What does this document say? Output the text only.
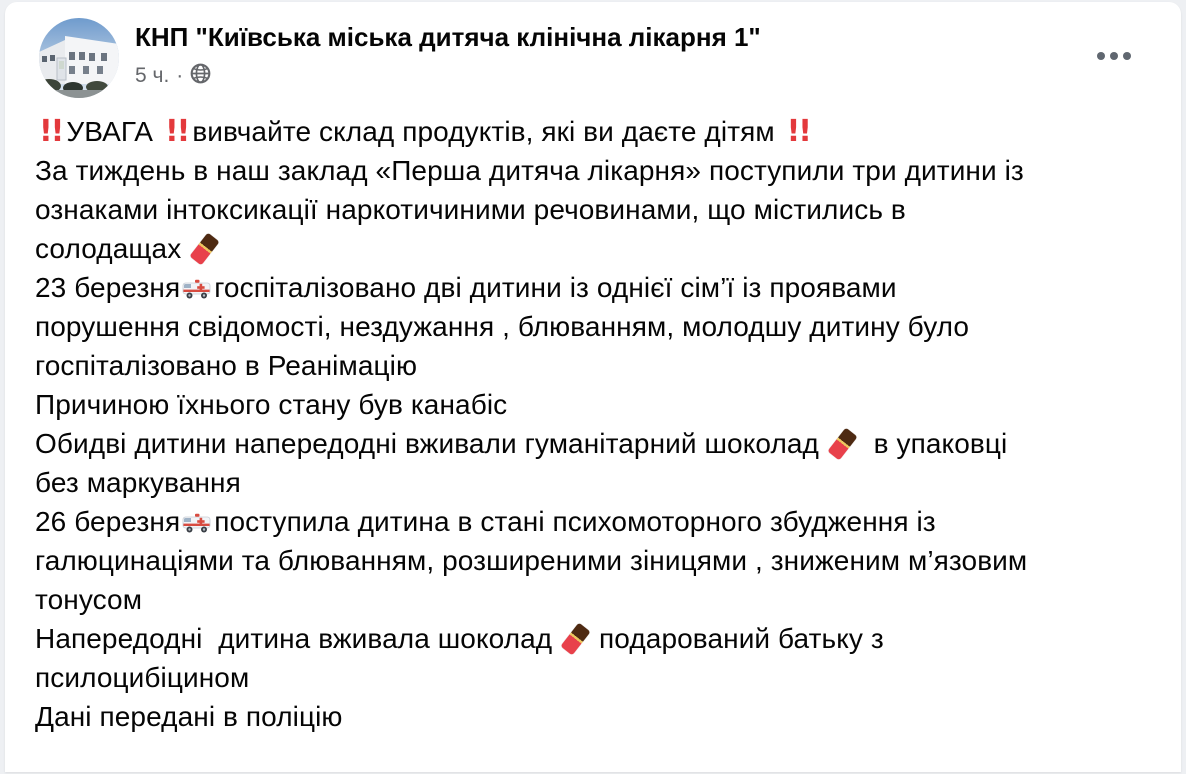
КНП "Київська міська дитяча клінічна лікарня 1"
5 ч. ·
!! УВАГА !! вивчайте склад продуктів, які ви даєте дітям !!
За тиждень в наш заклад «Перша дитяча лікарня» поступили три дитини із
ознаками інтоксикації наркотичиними речовинами, що містились в
солодащах
23 березня госпіталізовано дві дитини із однієї сім’ї із проявами
порушення свідомості, нездужання , блюванням, молодшу дитину було
госпіталізовано в Реанімацію
Причиною їхнього стану був канабіс
Обидві дитини напередодні вживали гуманітарний шоколад   в упаковці
без маркування
26 березня поступила дитина в стані психомоторного збудження із
галюцинаціями та блюванням, розширеними зіницями , зниженим м’язовим
тонусом
Напередодні  дитина вживала шоколад  подарований батьку з
псилоцибіцином
Дані передані в поліцію
